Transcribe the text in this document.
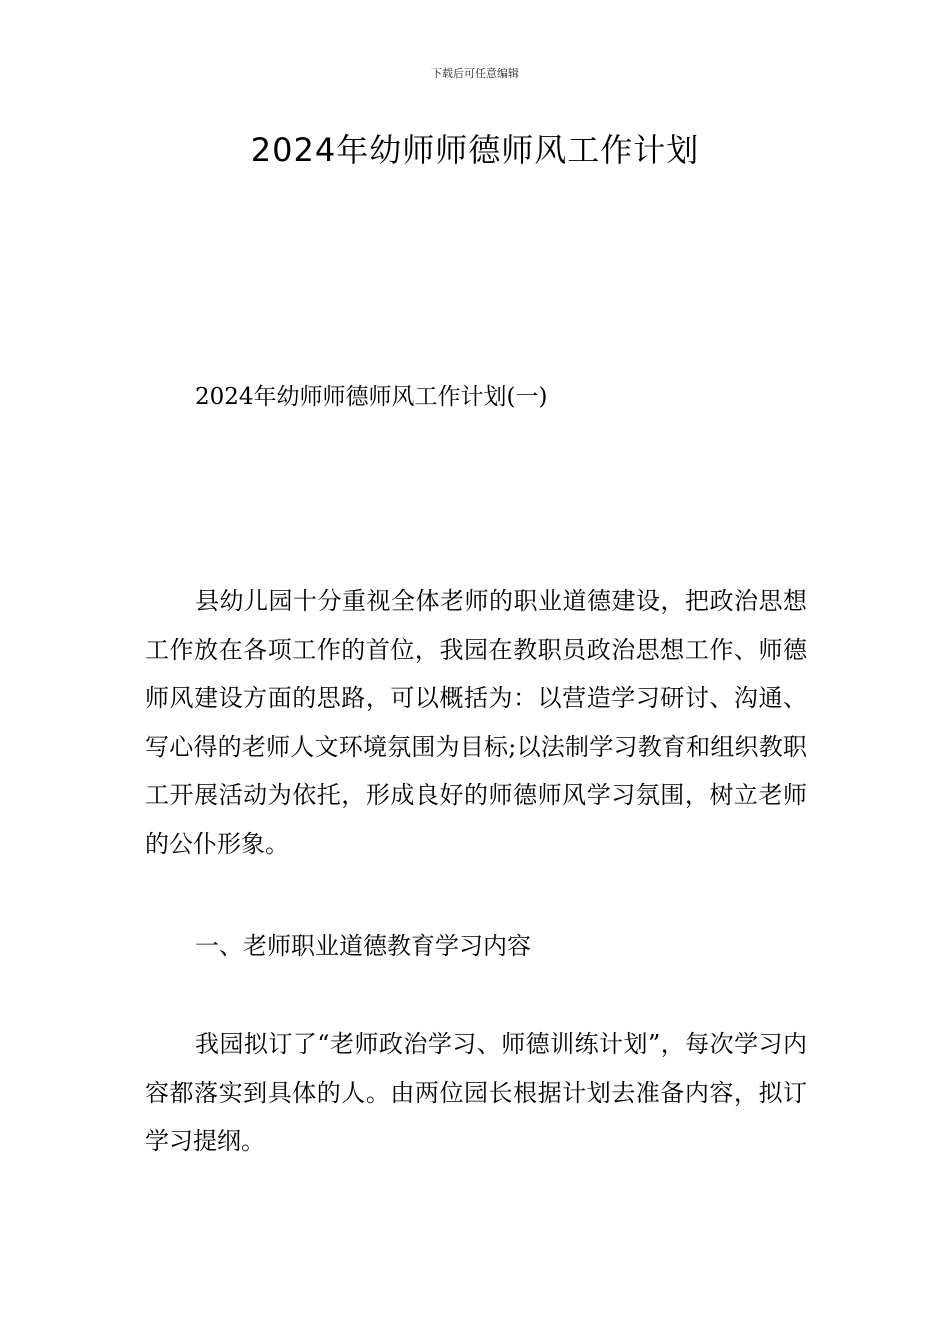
下载后可任意编辑
2024年幼师师德师风工作计划
2024年幼师师德师风工作计划(一)

县幼儿园十分重视全体老师的职业道德建设，把政治思想工作放在各项工作的首位，我园在教职员政治思想工作、师德师风建设方面的思路，可以概括为：以营造学习研讨、沟通、写心得的老师人文环境氛围为目标;以法制学习教育和组织教职工开展活动为依托，形成良好的师德师风学习氛围，树立老师的公仆形象。

一、老师职业道德教育学习内容

我园拟订了“老师政治学习、师德训练计划”，每次学习内容都落实到具体的人。由两位园长根据计划去准备内容，拟订学习提纲。
